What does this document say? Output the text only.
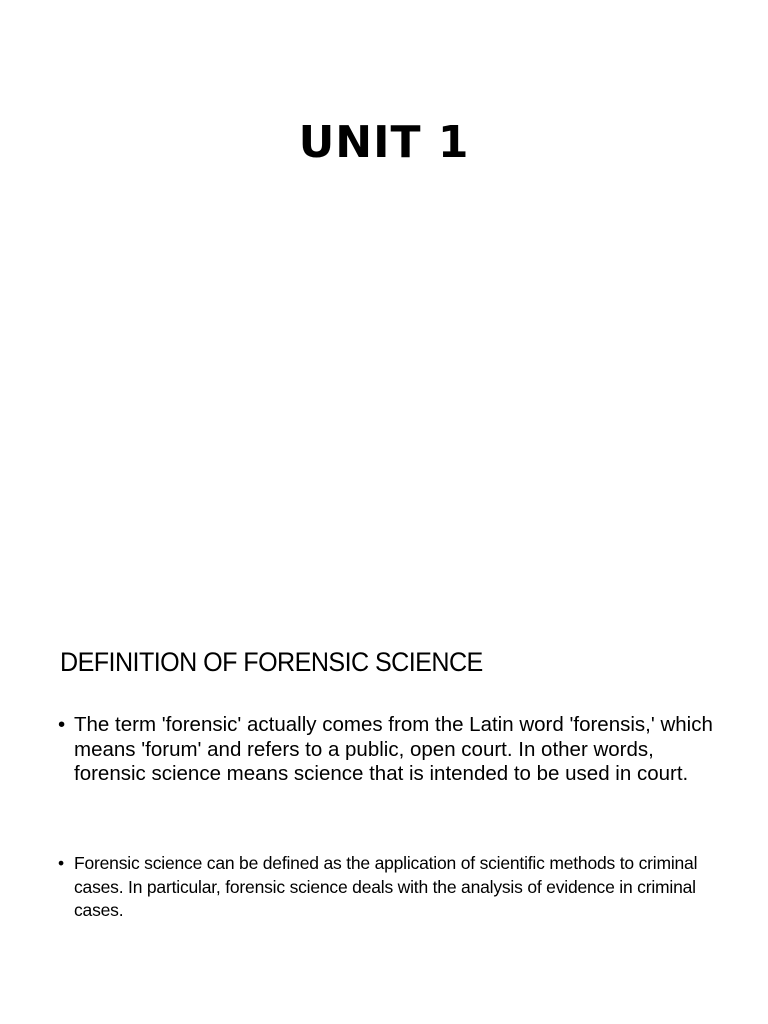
UNIT 1
DEFINITION OF FORENSIC SCIENCE
• The term 'forensic' actually comes from the Latin word 'forensis,' which means 'forum' and refers to a public, open court. In other words, forensic science means science that is intended to be used in court.
• Forensic science can be defined as the application of scientific methods to criminal cases. In particular, forensic science deals with the analysis of evidence in criminal cases.
